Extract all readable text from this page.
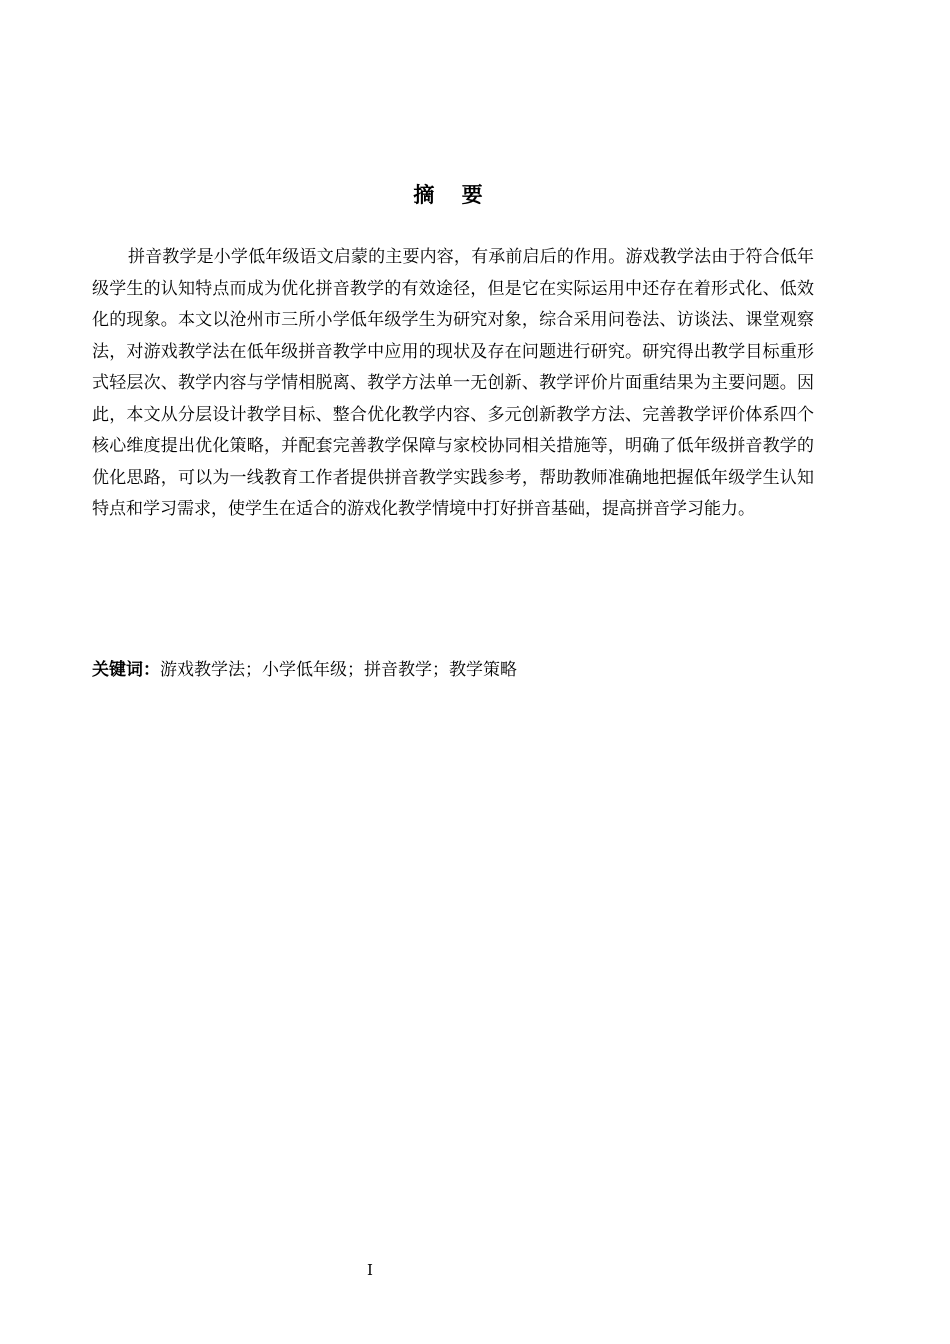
摘 要

拼音教学是小学低年级语文启蒙的主要内容，有承前启后的作用。游戏教学法由于符合低年级学生的认知特点而成为优化拼音教学的有效途径，但是它在实际运用中还存在着形式化、低效化的现象。本文以沧州市三所小学低年级学生为研究对象，综合采用问卷法、访谈法、课堂观察法，对游戏教学法在低年级拼音教学中应用的现状及存在问题进行研究。研究得出教学目标重形式轻层次、教学内容与学情相脱离、教学方法单一无创新、教学评价片面重结果为主要问题。因此，本文从分层设计教学目标、整合优化教学内容、多元创新教学方法、完善教学评价体系四个核心维度提出优化策略，并配套完善教学保障与家校协同相关措施等，明确了低年级拼音教学的优化思路，可以为一线教育工作者提供拼音教学实践参考，帮助教师准确地把握低年级学生认知特点和学习需求，使学生在适合的游戏化教学情境中打好拼音基础，提高拼音学习能力。

关键词：游戏教学法；小学低年级；拼音教学；教学策略
I
